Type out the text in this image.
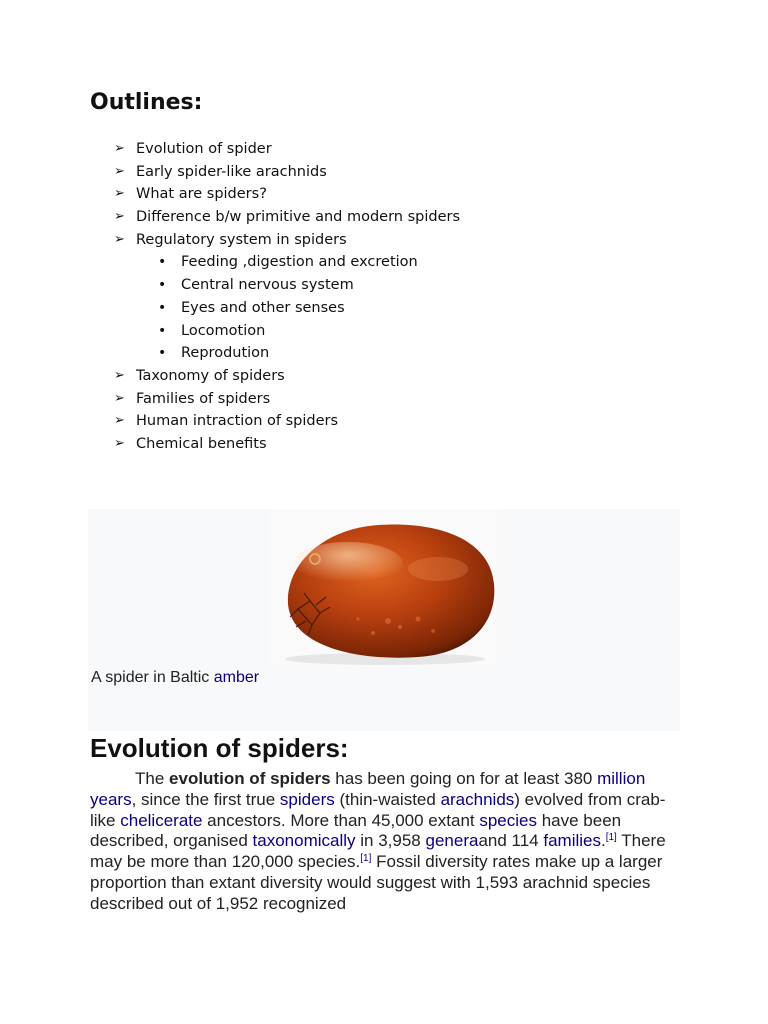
Outlines:
➢ Evolution of spider
➢ Early spider-like arachnids
➢ What are spiders?
➢ Difference b/w primitive and modern spiders
➢ Regulatory system in spiders
• Feeding ,digestion and excretion
• Central nervous system
• Eyes and other senses
• Locomotion
• Reprodution
➢ Taxonomy of spiders
➢ Families of spiders
➢ Human intraction of spiders
➢ Chemical benefits
A spider in Baltic amber
Evolution of spiders:

The evolution of spiders has been going on for at least 380 million years, since the first true spiders (thin-waisted arachnids) evolved from crab-like chelicerate ancestors. More than 45,000 extant species have been described, organised taxonomically in 3,958 generaand 114 families.[1] There may be more than 120,000 species.[1] Fossil diversity rates make up a larger proportion than extant diversity would suggest with 1,593 arachnid species described out of 1,952 recognized
